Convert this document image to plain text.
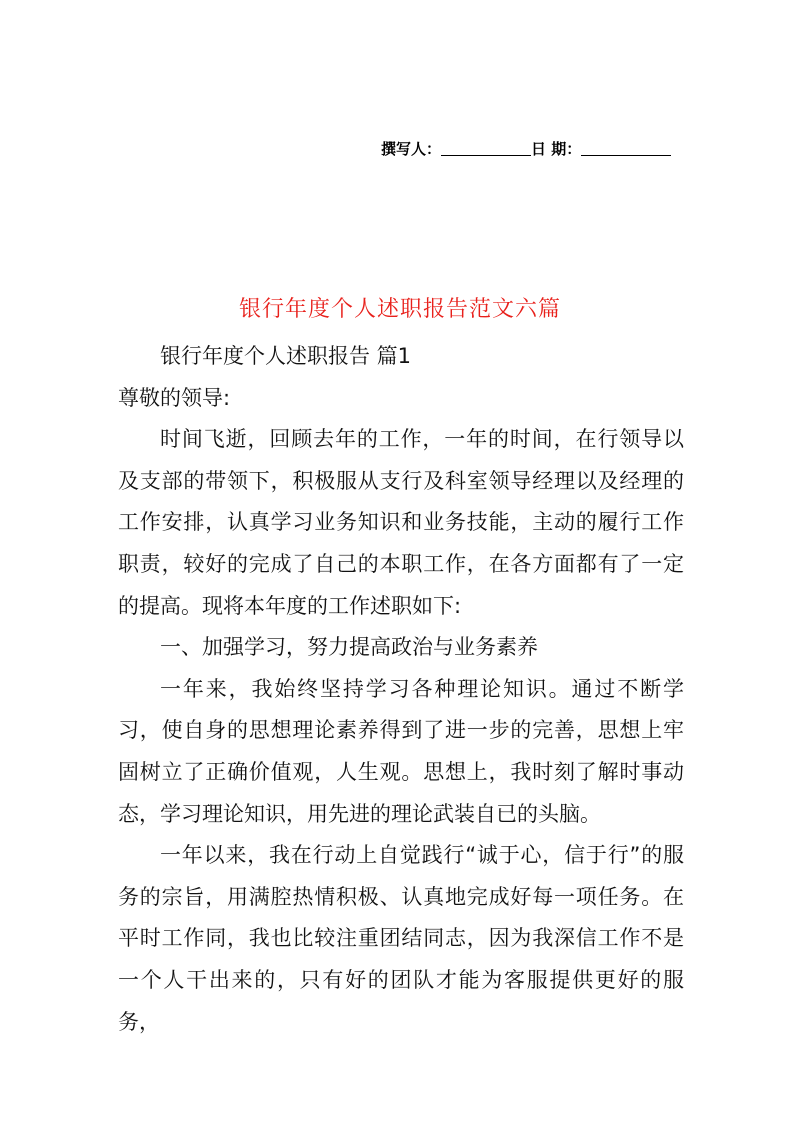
撰写人：	日 期：
银行年度个人述职报告范文六篇

银行年度个人述职报告 篇1

尊敬的领导:

时间飞逝，回顾去年的工作，一年的时间，在行领导以及支部的带领下，积极服从支行及科室领导经理以及经理的工作安排，认真学习业务知识和业务技能，主动的履行工作职责，较好的完成了自己的本职工作，在各方面都有了一定的提高。现将本年度的工作述职如下:

一、加强学习，努力提高政治与业务素养

一年来，我始终坚持学习各种理论知识。通过不断学习，使自身的思想理论素养得到了进一步的完善，思想上牢固树立了正确价值观，人生观。思想上，我时刻了解时事动态，学习理论知识，用先进的理论武装自已的头脑。

一年以来，我在行动上自觉践行“诚于心，信于行”的服务的宗旨，用满腔热情积极、认真地完成好每一项任务。在平时工作同，我也比较注重团结同志，因为我深信工作不是一个人干出来的，只有好的团队才能为客服提供更好的服务，
